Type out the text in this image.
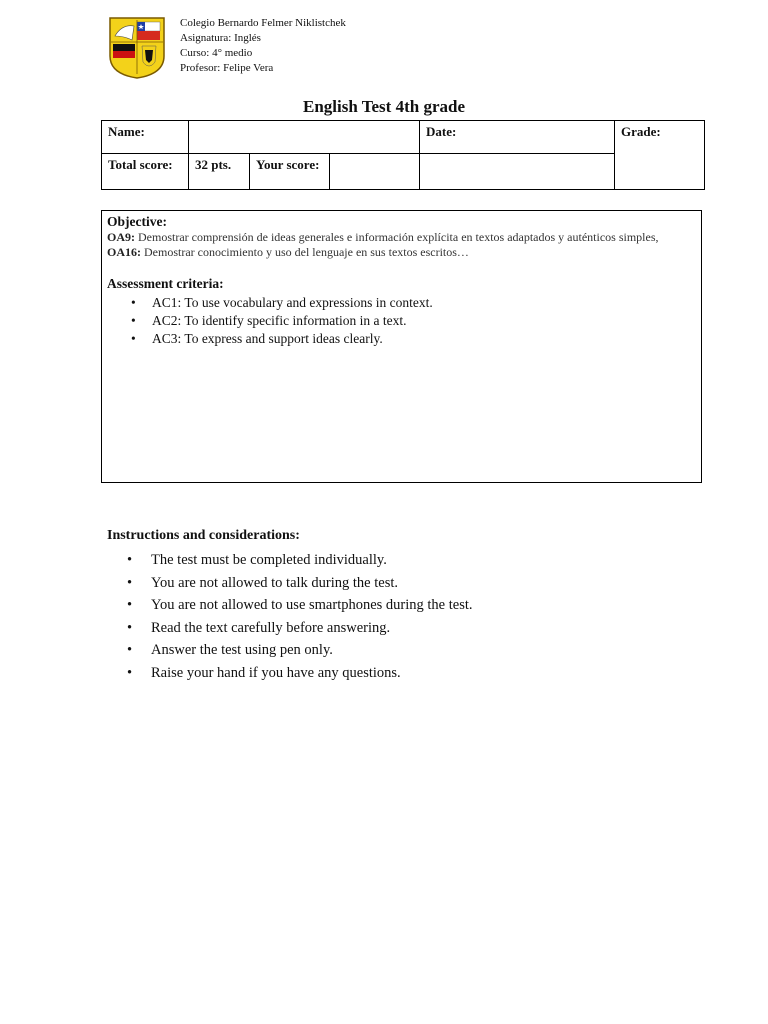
Colegio Bernardo Felmer Niklistchek
Asignatura: Inglés
Curso: 4° medio
Profesor: Felipe Vera
English Test 4th grade
Name:				Date:	Grade:
Total score:	32 pts.	Your score:			
Objective:
OA9: Demostrar comprensión de ideas generales e información explícita en textos adaptados y auténticos simples,
OA16: Demostrar conocimiento y uso del lenguaje en sus textos escritos…
Assessment criteria:
• AC1: To use vocabulary and expressions in context.
• AC2: To identify specific information in a text.
• AC3: To express and support ideas clearly.
Instructions and considerations:
• The test must be completed individually.
• You are not allowed to talk during the test.
• You are not allowed to use smartphones during the test.
• Read the text carefully before answering.
• Answer the test using pen only.
• Raise your hand if you have any questions.
